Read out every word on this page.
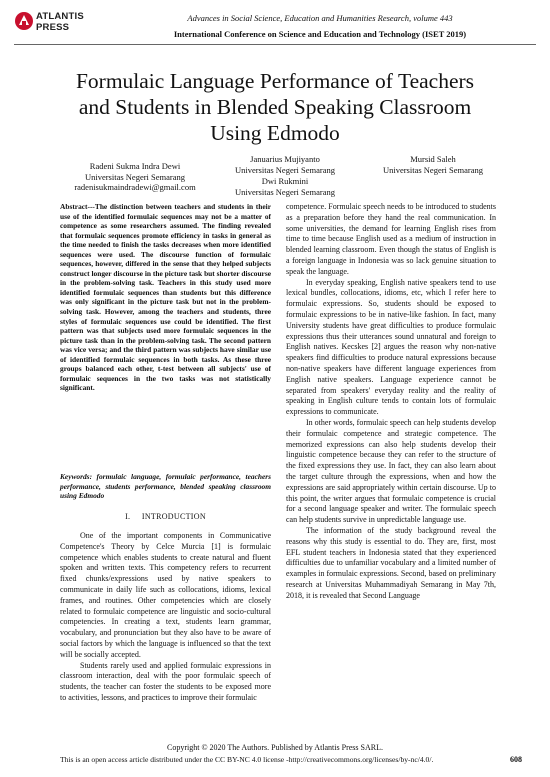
ATLANTIS
PRESS
Advances in Social Science, Education and Humanities Research, volume 443
International Conference on Science and Education and Technology (ISET 2019)
Formulaic Language Performance of Teachers
and Students in Blended Speaking Classroom
Using Edmodo
Radeni Sukma Indra Dewi
Universitas Negeri Semarang
radenisukmaindradewi@gmail.com
Januarius Mujiyanto
Universitas Negeri Semarang
Dwi Rukmini
Universitas Negeri Semarang
Mursid Saleh
Universitas Negeri Semarang
Abstract---The distinction between teachers and students in their use of the identified formulaic sequences may not be a matter of competence as some researchers assumed. The finding revealed that formulaic sequences promote efficiency in tasks in general as the time needed to finish the tasks decreases when more identified sequences were used. The discourse function of formulaic sequences, however, differed in the sense that they helped subjects construct longer discourse in the picture task but shorter discourse in the problem-solving task. Teachers in this study used more identified formulaic sequences than students but this difference was only significant in the picture task but not in the problem-solving task. However, among the teachers and students, three styles of formulaic sequences use could be identified. The first pattern was that subjects used more formulaic sequences in the picture task than in the problem-solving task. The second pattern was vice versa; and the third pattern was subjects have similar use of identified formulaic sequences in both tasks. As these three groups balanced each other, t-test between all subjects' use of formulaic sequences in the two tasks was not statistically significant.
Keywords: formulaic language, formulaic performance, teachers performance, students performance, blended speaking classroom using Edmodo
I.     INTRODUCTION

One of the important components in Communicative Competence's Theory by Celce Murcia [1] is formulaic competence which enables students to create natural and fluent spoken and written texts. This competency refers to recurrent fixed chunks/expressions used by native speakers to communicate in daily life such as collocations, idioms, lexical frames, and routines. Other competencies which are closely related to formulaic competence are linguistic and socio-cultural competencies. In creating a text, students learn grammar, vocabulary, and pronunciation but they also have to be aware of social factors by which the language is influenced so that the text will be socially accepted.

Students rarely used and applied formulaic expressions in classroom interaction, deal with the poor formulaic speech of students, the teacher can foster the students to be exposed more to activities, lessons, and practices to improve their formulaic

competence. Formulaic speech needs to be introduced to students as a preparation before they hand the real communication. In some universities, the demand for learning English rises from time to time because English used as a medium of instruction in blended learning classroom. Even though the status of English is a foreign language in Indonesia was so lack genuine situation to speak the language.

In everyday speaking, English native speakers tend to use lexical bundles, collocations, idioms, etc, which I refer here to formulaic expressions. So, students should be exposed to formulaic expressions to be in native-like fashion. In fact, many University students have great difficulties to produce formulaic expressions thus their utterances sound unnatural and foreign to English natives. Kecskes [2] argues the reason why non-native speakers find difficulties to produce natural expressions because non-native speakers have different language experiences from English native speakers. Language experience cannot be separated from speakers' everyday reality and the reality of speaking in English culture tends to contain lots of formulaic expressions to communicate.

In other words, formulaic speech can help students develop their formulaic competence and strategic competence. The memorized expressions can also help students develop their linguistic competence because they can refer to the structure of the fixed expressions they use. In fact, they can also learn about the target culture through the expressions, when and how the expressions are said appropriately within certain discourse. Up to this point, the writer argues that formulaic competence is crucial for a second language speaker and writer. The formulaic speech can help students survive in unpredictable language use.

The information of the study background reveal the reasons why this study is essential to do. They are, first, most EFL student teachers in Indonesia stated that they experienced difficulties due to unfamiliar vocabulary and a limited number of examples in formulaic expressions. Second, based on preliminary research at Universitas Muhammadiyah Semarang in May 7th, 2018, it is revealed that Second Language

Copyright © 2020 The Authors. Published by Atlantis Press SARL.
This is an open access article distributed under the CC BY-NC 4.0 license -http://creativecommons.org/licenses/by-nc/4.0/.	608
